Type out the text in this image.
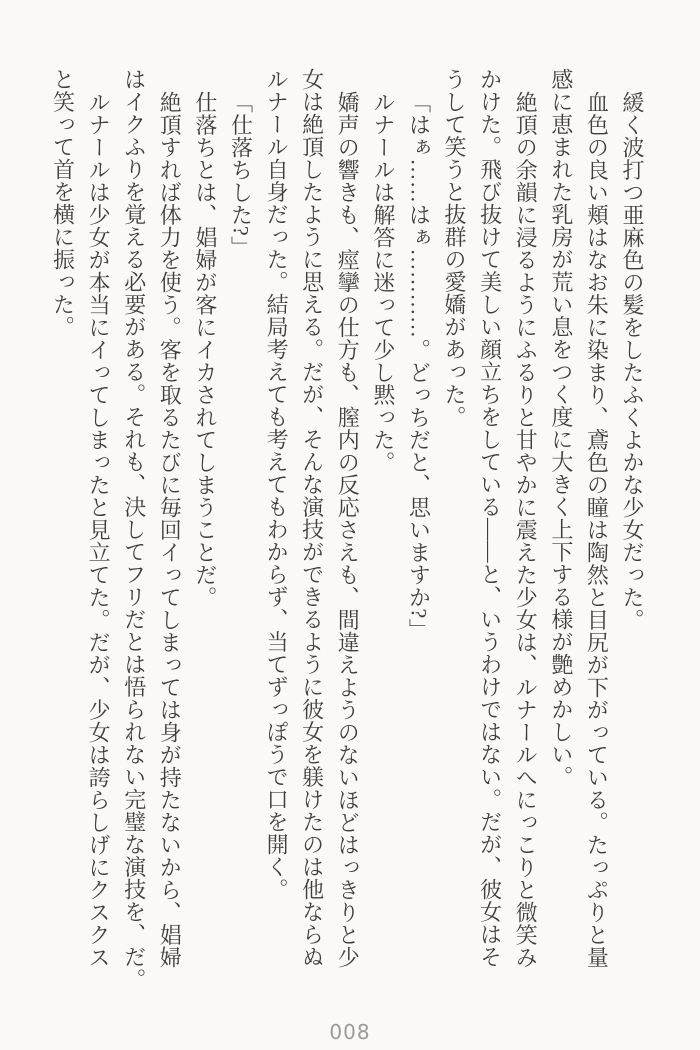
緩く波打つ亜麻色の髪をしたふくよかな少女だった。
血色の良い頬はなお朱に染まり、鳶色の瞳は陶然と目尻が下がっている。たっぷりと量
感に恵まれた乳房が荒い息をつく度に大きく上下する様が艶めかしい。
絶頂の余韻に浸るようにふるりと甘やかに震えた少女は、ルナールへにっこりと微笑み
かけた。飛び抜けて美しい顔立ちをしている――と、いうわけではない。だが、彼女はそ
うして笑うと抜群の愛嬌があった。
「はぁ……はぁ…………。どっちだと、思いますか?」
ルナールは解答に迷って少し黙った。
嬌声の響きも、痙攣の仕方も、膣内の反応さえも、間違えようのないほどはっきりと少
女は絶頂したように思える。だが、そんな演技ができるように彼女を躾けたのは他ならぬ
ルナール自身だった。結局考えても考えてもわからず、当てずっぽうで口を開く。
「仕落ちした?」
仕落ちとは、娼婦が客にイカされてしまうことだ。
絶頂すれば体力を使う。客を取るたびに毎回イってしまっては身が持たないから、娼婦
はイクふりを覚える必要がある。それも、決してフリだとは悟られない完璧な演技を、だ。
ルナールは少女が本当にイってしまったと見立てた。だが、少女は誇らしげにクスクス
と笑って首を横に振った。
008
